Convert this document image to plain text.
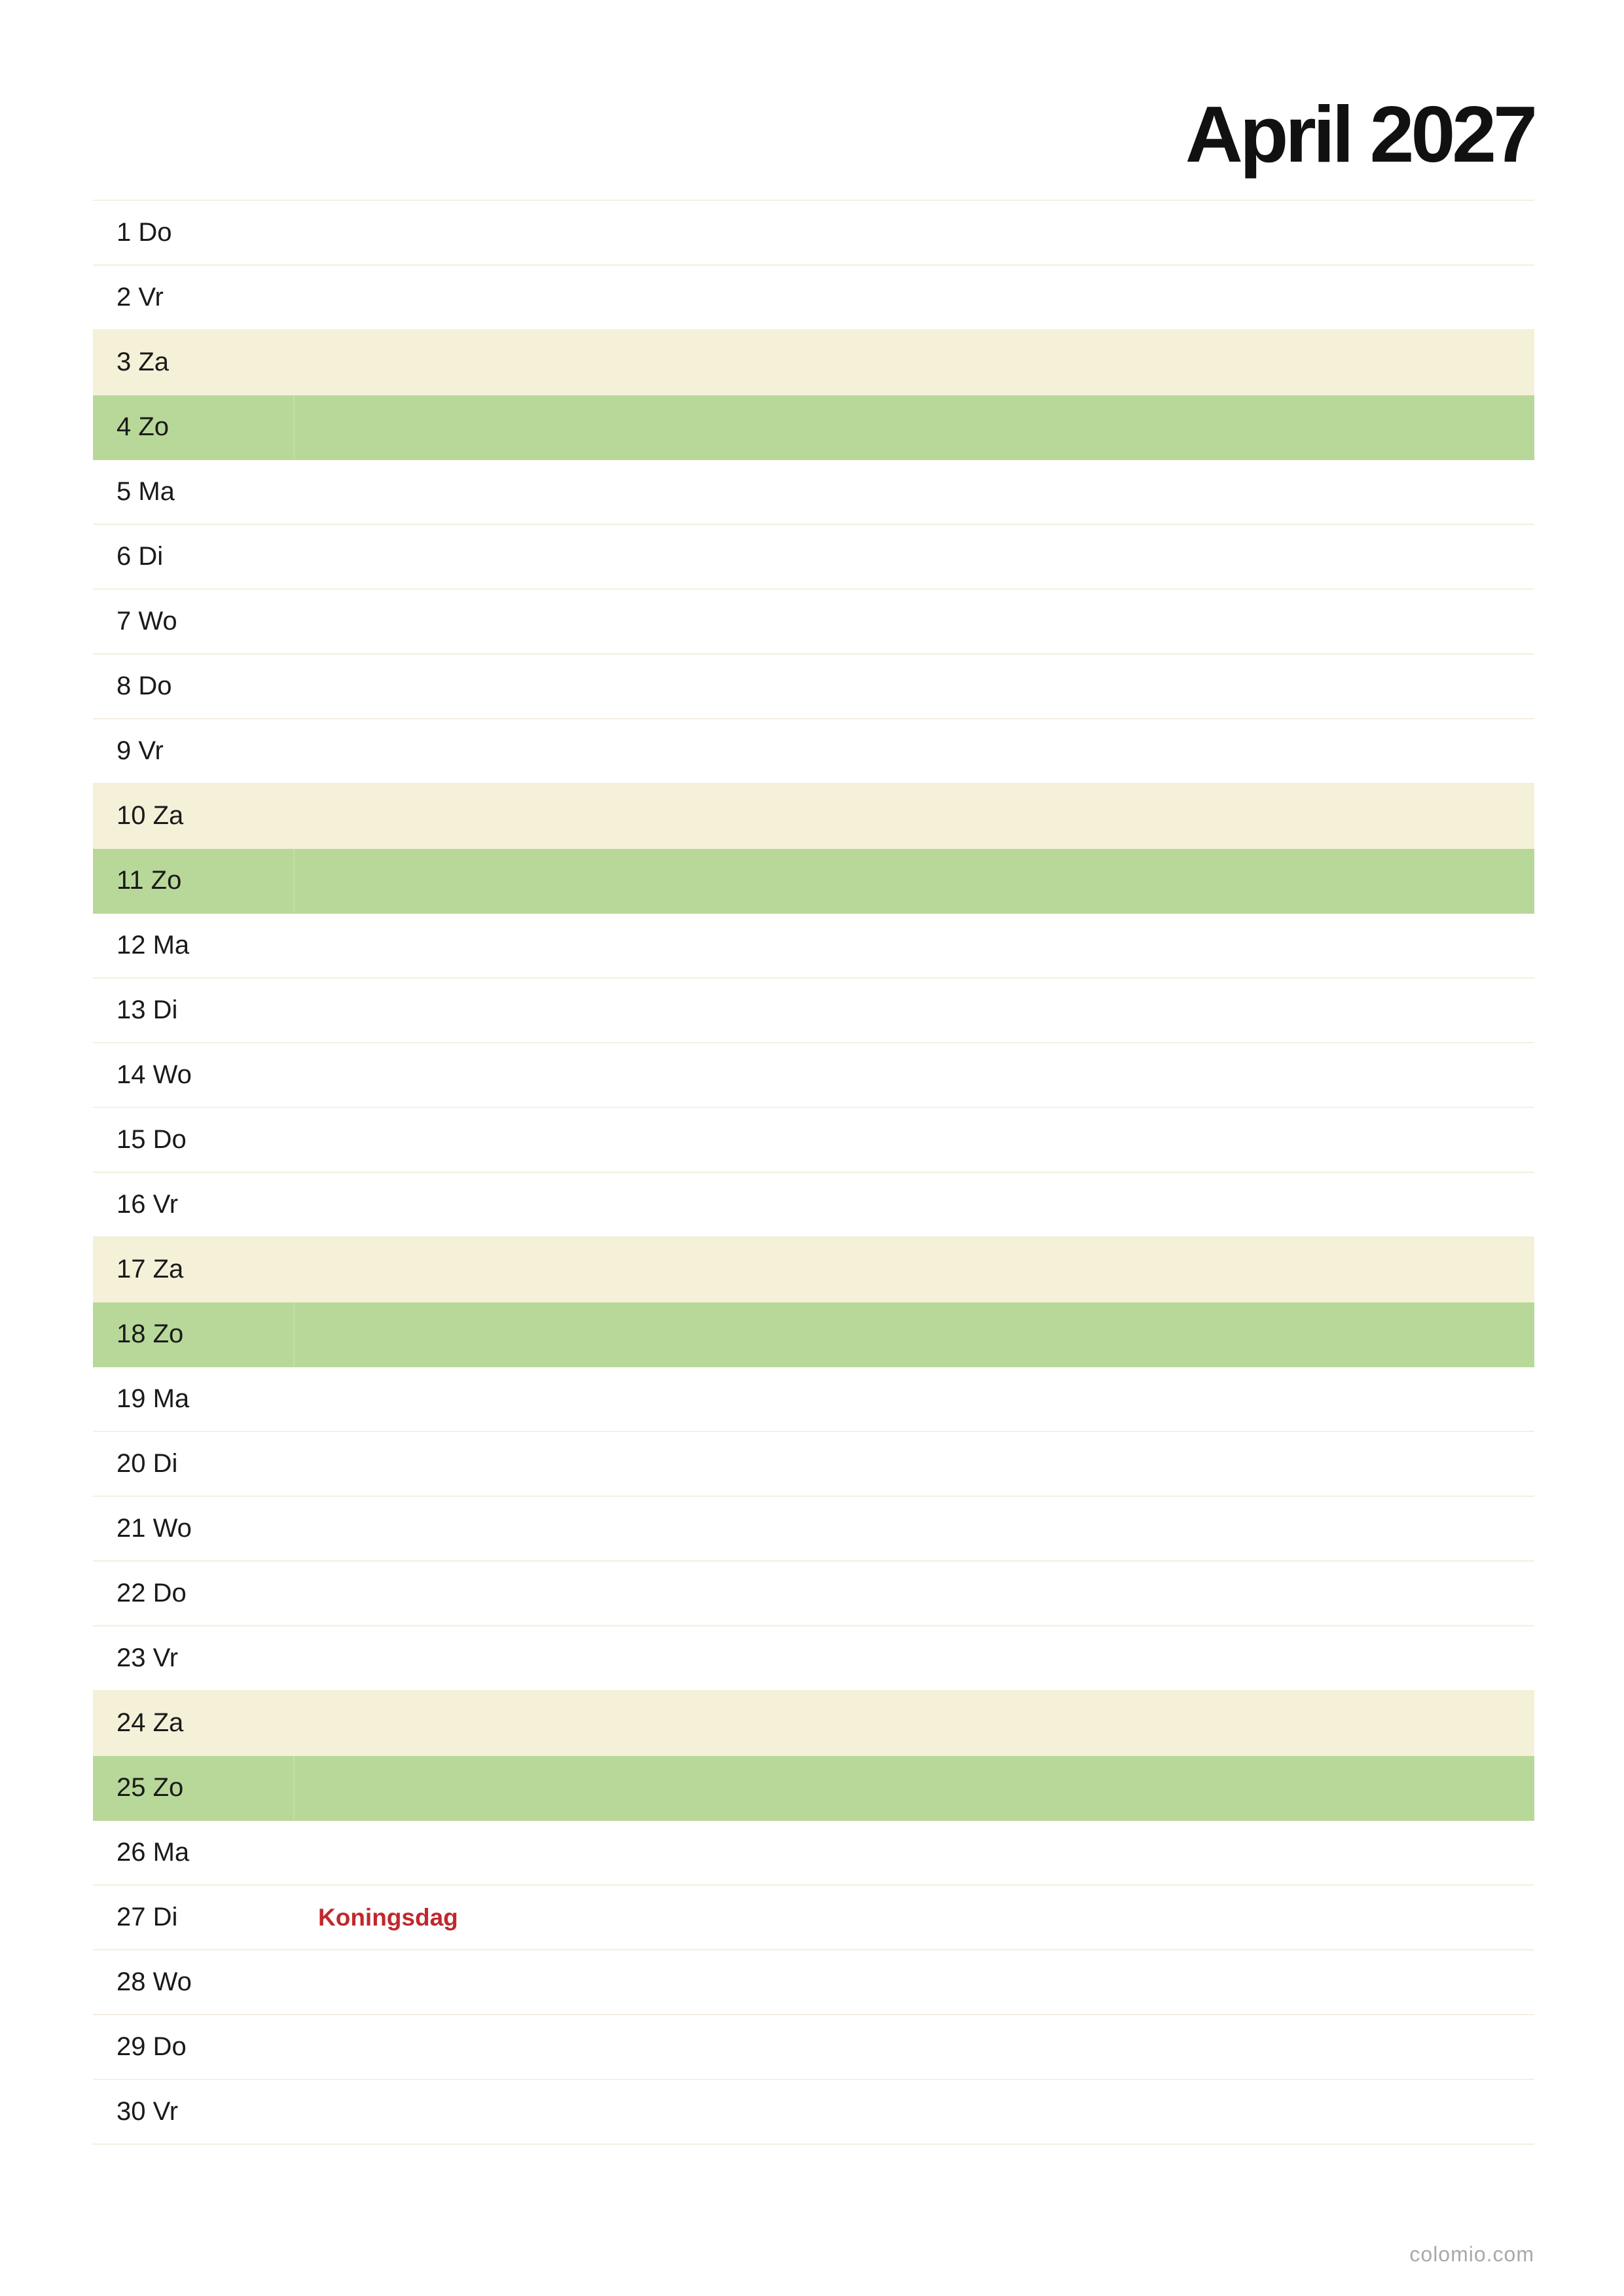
April 2027
1 Do
2 Vr
3 Za
4 Zo
5 Ma
6 Di
7 Wo
8 Do
9 Vr
10 Za
11 Zo
12 Ma
13 Di
14 Wo
15 Do
16 Vr
17 Za
18 Zo
19 Ma
20 Di
21 Wo
22 Do
23 Vr
24 Za
25 Zo
26 Ma
27 Di	Koningsdag
28 Wo
29 Do
30 Vr
colomio.com
